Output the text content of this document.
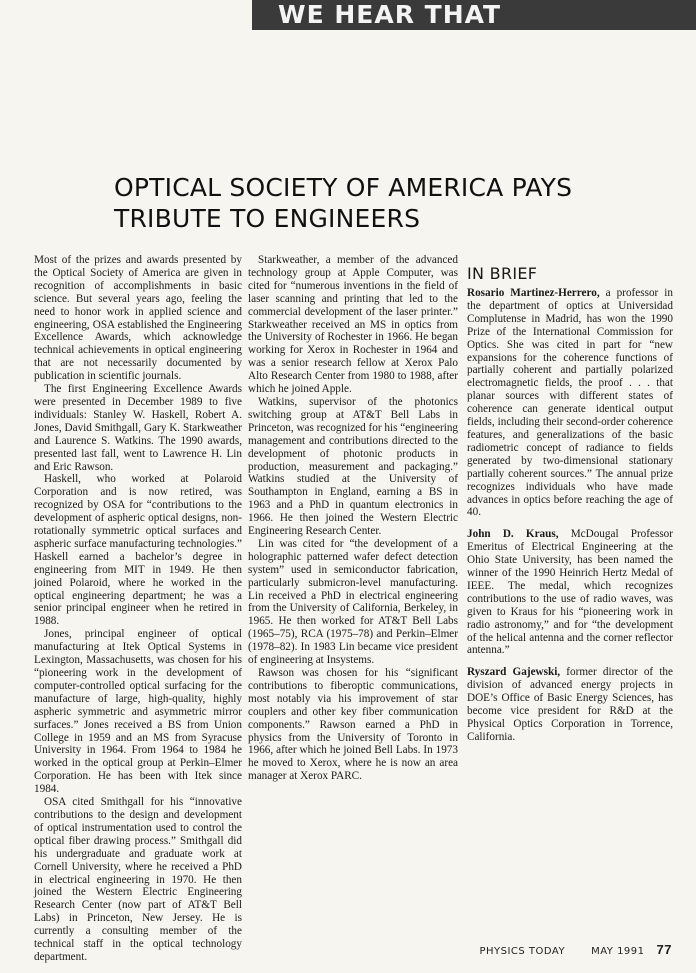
WE HEAR THAT
OPTICAL SOCIETY OF AMERICA PAYS
TRIBUTE TO ENGINEERS

Most of the prizes and awards presented by the Optical Society of America are given in recognition of accomplishments in basic science. But several years ago, feeling the need to honor work in applied science and engineering, OSA established the Engineering Excellence Awards, which acknowledge technical achievements in optical engineering that are not necessarily documented by publication in scientific journals.

The first Engineering Excellence Awards were presented in December 1989 to five individuals: Stanley W. Haskell, Robert A. Jones, David Smithgall, Gary K. Starkweather and Laurence S. Watkins. The 1990 awards, presented last fall, went to Lawrence H. Lin and Eric Rawson.

Haskell, who worked at Polaroid Corporation and is now retired, was recognized by OSA for “contributions to the development of aspheric optical designs, non-rotationally symmetric optical surfaces and aspheric surface manufacturing technologies.” Haskell earned a bachelor’s degree in engineering from MIT in 1949. He then joined Polaroid, where he worked in the optical engineering department; he was a senior principal engineer when he retired in 1988.

Jones, principal engineer of optical manufacturing at Itek Optical Systems in Lexington, Massachusetts, was chosen for his “pioneering work in the development of computer-controlled optical surfacing for the manufacture of large, high-quality, highly aspheric symmetric and asymmetric mirror surfaces.” Jones received a BS from Union College in 1959 and an MS from Syracuse University in 1964. From 1964 to 1984 he worked in the optical group at Perkin–Elmer Corporation. He has been with Itek since 1984.

OSA cited Smithgall for his “innovative contributions to the design and development of optical instrumentation used to control the optical fiber drawing process.” Smithgall did his undergraduate and graduate work at Cornell University, where he received a PhD in electrical engineering in 1970. He then joined the Western Electric Engineering Research Center (now part of AT&T Bell Labs) in Princeton, New Jersey. He is currently a consulting member of the technical staff in the optical technology department.

Starkweather, a member of the advanced technology group at Apple Computer, was cited for “numerous inventions in the field of laser scanning and printing that led to the commercial development of the laser printer.” Starkweather received an MS in optics from the University of Rochester in 1966. He began working for Xerox in Rochester in 1964 and was a senior research fellow at Xerox Palo Alto Research Center from 1980 to 1988, after which he joined Apple.

Watkins, supervisor of the photonics switching group at AT&T Bell Labs in Princeton, was recognized for his “engineering management and contributions directed to the development of photonic products in production, measurement and packaging.” Watkins studied at the University of Southampton in England, earning a BS in 1963 and a PhD in quantum electronics in 1966. He then joined the Western Electric Engineering Research Center.

Lin was cited for “the development of a holographic patterned wafer defect detection system” used in semiconductor fabrication, particularly submicron-level manufacturing. Lin received a PhD in electrical engineering from the University of California, Berkeley, in 1965. He then worked for AT&T Bell Labs (1965–75), RCA (1975–78) and Perkin–Elmer (1978–82). In 1983 Lin became vice president of engineering at Insystems.

Rawson was chosen for his “significant contributions to fiberoptic communications, most notably via his improvement of star couplers and other key fiber communication components.” Rawson earned a PhD in physics from the University of Toronto in 1966, after which he joined Bell Labs. In 1973 he moved to Xerox, where he is now an area manager at Xerox PARC.

IN BRIEF

Rosario Martinez-Herrero, a professor in the department of optics at Universidad Complutense in Madrid, has won the 1990 Prize of the International Commission for Optics. She was cited in part for “new expansions for the coherence functions of partially coherent and partially polarized electromagnetic fields, the proof . . . that planar sources with different states of coherence can generate identical output fields, including their second-order coherence features, and generalizations of the basic radiometric concept of radiance to fields generated by two-dimensional stationary partially coherent sources.” The annual prize recognizes individuals who have made advances in optics before reaching the age of 40.

John D. Kraus, McDougal Professor Emeritus of Electrical Engineering at the Ohio State University, has been named the winner of the 1990 Heinrich Hertz Medal of IEEE. The medal, which recognizes contributions to the use of radio waves, was given to Kraus for his “pioneering work in radio astronomy,” and for “the development of the helical antenna and the corner reflector antenna.”

Ryszard Gajewski, former director of the division of advanced energy projects in DOE’s Office of Basic Energy Sciences, has become vice president for R&D at the Physical Optics Corporation in Torrence, California.

PHYSICS TODAY	MAY 1991 77
